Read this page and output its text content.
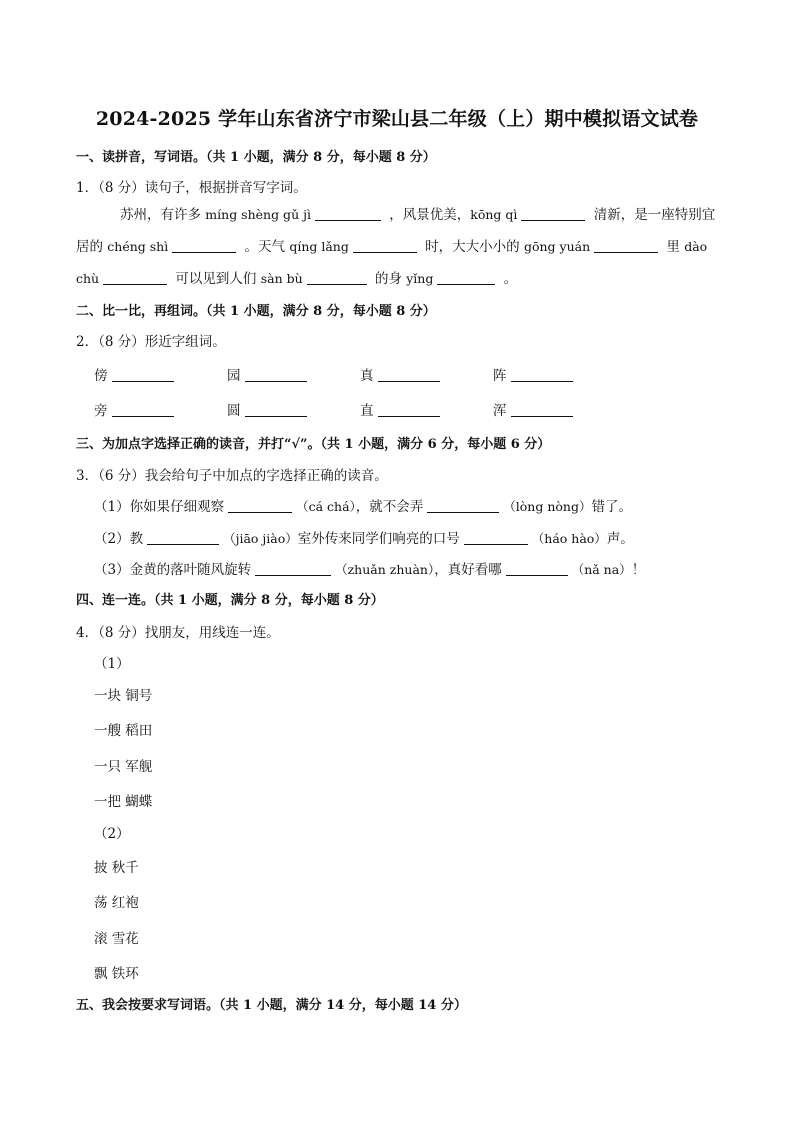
2024-2025 学年山东省济宁市梁山县二年级（上）期中模拟语文试卷
一、读拼音，写词语。（共 1 小题，满分 8 分，每小题 8 分）
1．（8 分）读句子，根据拼音写字词。
苏州，有许多 míng shèng gǔ jì	，风景优美，kōng qì	清新，是一座特别宜居的 chéng shì	。天气 qíng lǎng	时，大大小小的 gōng yuán	里 dào chù	可以见到人们 sàn bù	的身 yǐng	。
二、比一比，再组词。（共 1 小题，满分 8 分，每小题 8 分）
2．（8 分）形近字组词。
傍	园	真	阵
旁	圆	直	浑
三、为加点字选择正确的读音，并打“√”。（共 1 小题，满分 6 分，每小题 6 分）
3．（6 分）我会给句子中加点的字选择正确的读音。
（1）你如果仔细观察	（cá chá），就不会弄	（lòng nòng）错了。
（2）教	（jiāo jiào）室外传来同学们响亮的口号	（háo hào）声。
（3）金黄的落叶随风旋转	（zhuǎn zhuàn），真好看哪	（nǎ na）！
四、连一连。（共 1 小题，满分 8 分，每小题 8 分）
4．（8 分）找朋友，用线连一连。
（1）
一块 铜号
一艘 稻田
一只 军舰
一把 蝴蝶
（2）
披 秋千
荡 红袍
滚 雪花
飘 铁环
五、我会按要求写词语。（共 1 小题，满分 14 分，每小题 14 分）
